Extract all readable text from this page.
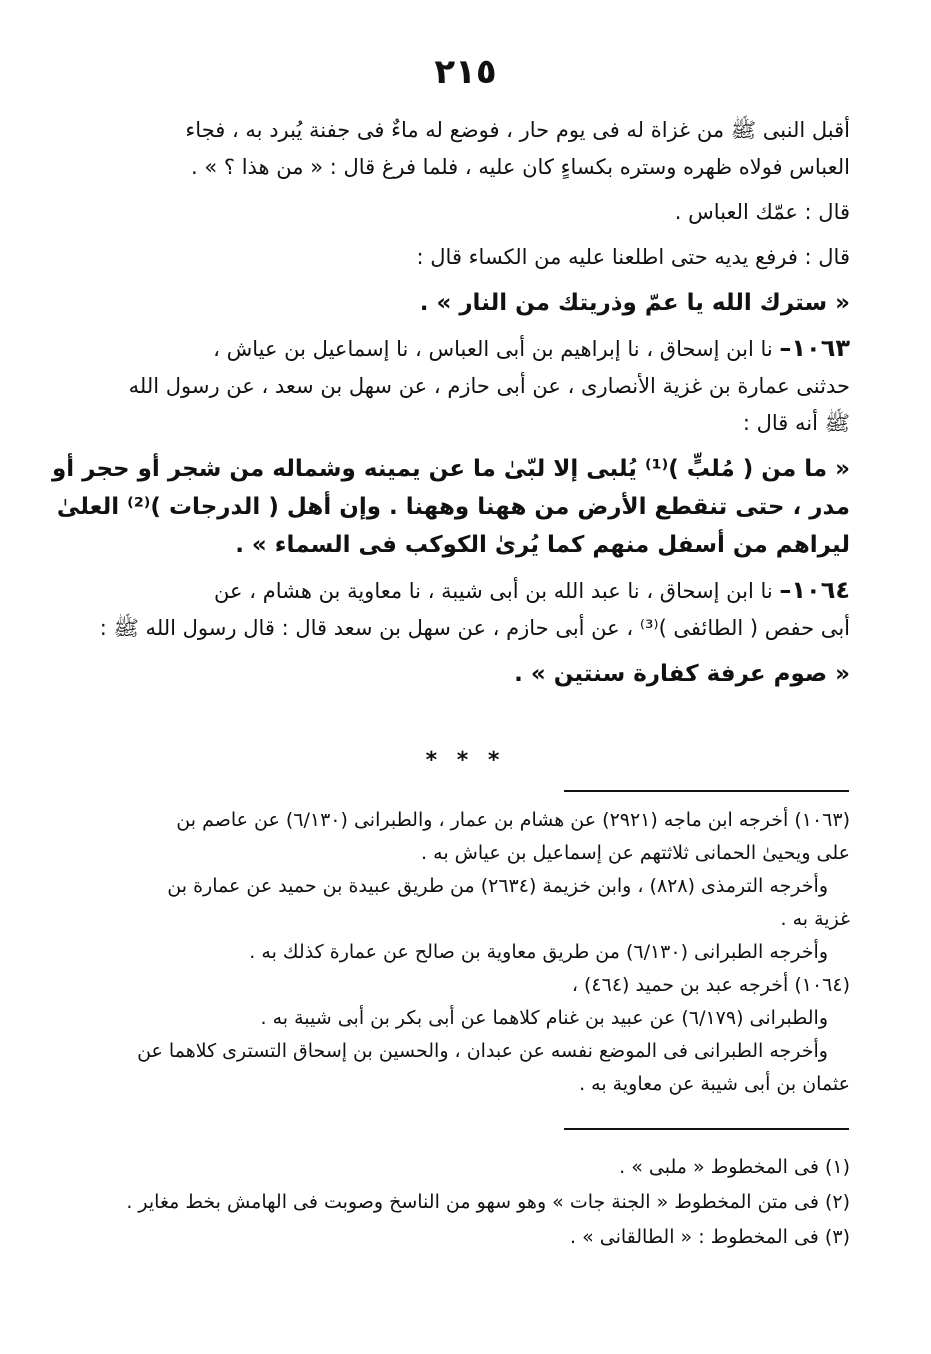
٢١٥
أقبل النبى ﷺ من غزاة له فى يوم حار ، فوضع له ماءٌ فى جفنة يُبرد به ، فجاء
العباس فولاه ظهره وستره بكساءٍ كان عليه ، فلما فرغ قال : « من هذا ؟ » .
قال : عمّك العباس .
قال : فرفع يديه حتى اطلعنا عليه من الكساء قال :
« سترك الله يا عمّ وذريتك من النار » .
١٠٦٣– نا ابن إسحاق ، نا إبراهيم بن أبى العباس ، نا إسماعيل بن عياش ،
حدثنى عمارة بن غزية الأنصارى ، عن أبى حازم ، عن سهل بن سعد ، عن رسول الله
ﷺ أنه قال :
« ما من ( مُلبٍّ )⁽¹⁾ يُلبى إلا لبّىٰ ما عن يمينه وشماله من شجر أو حجر أو
مدر ، حتى تنقطع الأرض من ههنا وههنا . وإن أهل ( الدرجات )⁽²⁾ العلىٰ
ليراهم من أسفل منهم كما يُرىٰ الكوكب فى السماء » .
١٠٦٤– نا ابن إسحاق ، نا عبد الله بن أبى شيبة ، نا معاوية بن هشام ، عن
أبى حفص ( الطائفى )⁽³⁾ ، عن أبى حازم ، عن سهل بن سعد قال : قال رسول الله ﷺ :
« صوم عرفة كفارة سنتين » .
* * *
(١٠٦٣) أخرجه ابن ماجه (٢٩٢١) عن هشام بن عمار ، والطبرانى (٦/١٣٠) عن عاصم بن
على ويحيىٰ الحمانى ثلاثتهم عن إسماعيل بن عياش به .
وأخرجه الترمذى (٨٢٨) ، وابن خزيمة (٢٦٣٤) من طريق عبيدة بن حميد عن عمارة بن
غزية به .
وأخرجه الطبرانى (٦/١٣٠) من طريق معاوية بن صالح عن عمارة كذلك به .
(١٠٦٤) أخرجه عبد بن حميد (٤٦٤) ،
والطبرانى (٦/١٧٩) عن عبيد بن غنام كلاهما عن أبى بكر بن أبى شيبة به .
وأخرجه الطبرانى فى الموضع نفسه عن عبدان ، والحسين بن إسحاق التسترى كلاهما عن
عثمان بن أبى شيبة عن معاوية به .
(١) فى المخطوط « ملبى » .
(٢) فى متن المخطوط « الجنة جات » وهو سهو من الناسخ وصوبت فى الهامش بخط مغاير .
(٣) فى المخطوط : « الطالقانى » .
